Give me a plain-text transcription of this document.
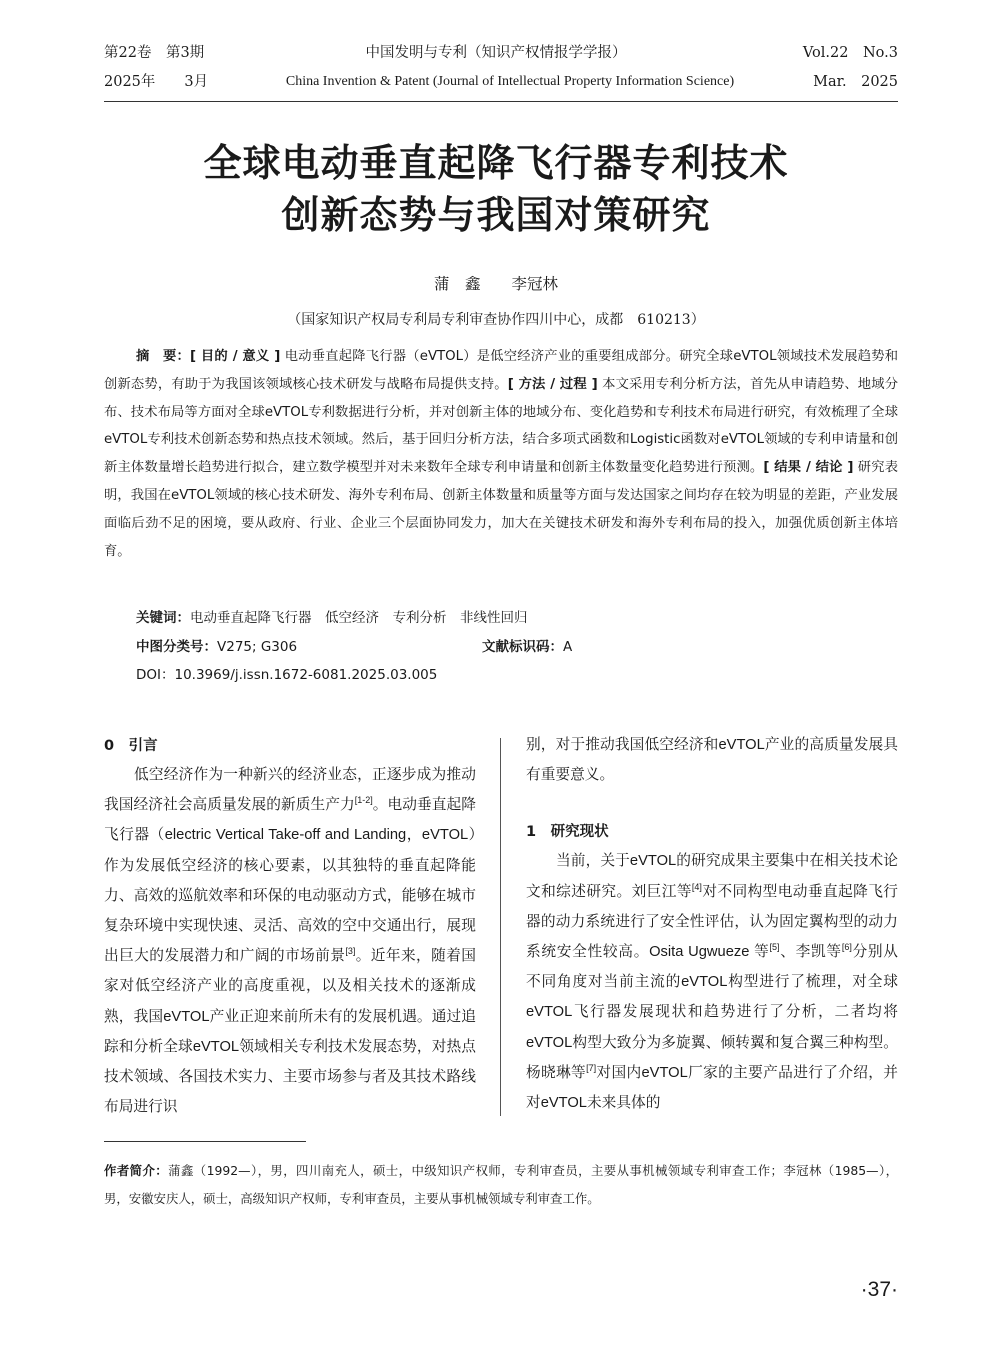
第22卷　第3期
2025年　　3月
中国发明与专利（知识产权情报学学报）
China Invention & Patent (Journal of Intellectual Property Information Science)
Vol.22　No.3
Mar.　2025
全球电动垂直起降飞行器专利技术
创新态势与我国对策研究
蒲　鑫　　李冠林
（国家知识产权局专利局专利审查协作四川中心，成都　610213）
摘　要：[ 目的 / 意义 ] 电动垂直起降飞行器（eVTOL）是低空经济产业的重要组成部分。研究全球eVTOL领域技术发展趋势和创新态势，有助于为我国该领域核心技术研发与战略布局提供支持。[ 方法 / 过程 ] 本文采用专利分析方法，首先从申请趋势、地域分布、技术布局等方面对全球eVTOL专利数据进行分析，并对创新主体的地域分布、变化趋势和专利技术布局进行研究，有效梳理了全球eVTOL专利技术创新态势和热点技术领域。然后，基于回归分析方法，结合多项式函数和Logistic函数对eVTOL领域的专利申请量和创新主体数量增长趋势进行拟合，建立数学模型并对未来数年全球专利申请量和创新主体数量变化趋势进行预测。[ 结果 / 结论 ] 研究表明，我国在eVTOL领域的核心技术研发、海外专利布局、创新主体数量和质量等方面与发达国家之间均存在较为明显的差距，产业发展面临后劲不足的困境，要从政府、行业、企业三个层面协同发力，加大在关键技术研发和海外专利布局的投入，加强优质创新主体培育。
关键词：电动垂直起降飞行器　低空经济　专利分析　非线性回归
中图分类号：V275; G306	文献标识码：A
DOI：10.3969/j.issn.1672-6081.2025.03.005
0　引言

低空经济作为一种新兴的经济业态，正逐步成为推动我国经济社会高质量发展的新质生产力[1-2]。电动垂直起降飞行器（electric Vertical Take-off and Landing，eVTOL）作为发展低空经济的核心要素，以其独特的垂直起降能力、高效的巡航效率和环保的电动驱动方式，能够在城市复杂环境中实现快速、灵活、高效的空中交通出行，展现出巨大的发展潜力和广阔的市场前景[3]。近年来，随着国家对低空经济产业的高度重视，以及相关技术的逐渐成熟，我国eVTOL产业正迎来前所未有的发展机遇。通过追踪和分析全球eVTOL领域相关专利技术发展态势，对热点技术领域、各国技术实力、主要市场参与者及其技术路线布局进行识

别，对于推动我国低空经济和eVTOL产业的高质量发展具有重要意义。

1　研究现状

当前，关于eVTOL的研究成果主要集中在相关技术论文和综述研究。刘巨江等[4]对不同构型电动垂直起降飞行器的动力系统进行了安全性评估，认为固定翼构型的动力系统安全性较高。Osita Ugwueze 等[5]、李凯等[6]分别从不同角度对当前主流的eVTOL构型进行了梳理，对全球eVTOL飞行器发展现状和趋势进行了分析，二者均将eVTOL构型大致分为多旋翼、倾转翼和复合翼三种构型。杨晓琳等[7]对国内eVTOL厂家的主要产品进行了介绍，并对eVTOL未来具体的

作者简介：蒲鑫（1992—），男，四川南充人，硕士，中级知识产权师，专利审查员，主要从事机械领域专利审查工作；李冠林（1985—），男，安徽安庆人，硕士，高级知识产权师，专利审查员，主要从事机械领域专利审查工作。
·37·
